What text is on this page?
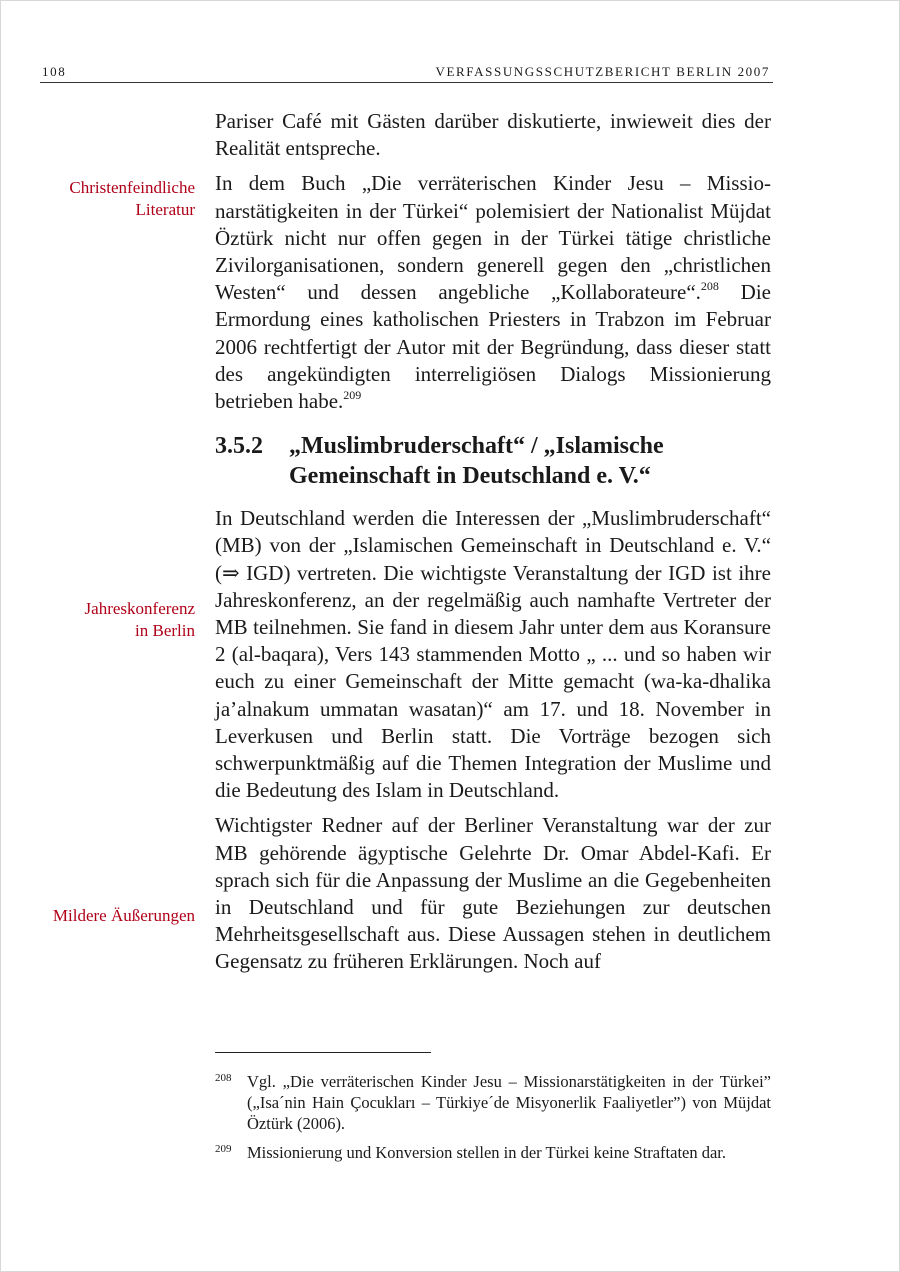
108	VERFASSUNGSSCHUTZBERICHT BERLIN 2007
Christenfeindliche
Literatur
Jahreskonferenz
in Berlin
Mildere Äußerungen

Pariser Café mit Gästen darüber diskutierte, inwieweit dies der Realität entspreche.

In dem Buch „Die verräterischen Kinder Jesu – Missionarstätigkeiten in der Türkei“ polemisiert der Nationalist Müjdat Öztürk nicht nur offen gegen in der Türkei tätige christliche Zivilorganisationen, sondern generell gegen den „christlichen Westen“ und dessen angebliche „Kollaborateure“.$^{208}$ Die Ermordung eines katholischen Priesters in Trabzon im Februar 2006 rechtfertigt der Autor mit der Begründung, dass dieser statt des angekündigten interreligiösen Dialogs Missionierung betrieben habe.$^{209}$

3.5.2	„Muslimbruderschaft“ / „Islamische Gemeinschaft in Deutschland e. V.“

In Deutschland werden die Interessen der „Muslimbruderschaft“ (MB) von der „Islamischen Gemeinschaft in Deutschland e. V.“ (⇒ IGD) vertreten. Die wichtigste Veranstaltung der IGD ist ihre Jahreskonferenz, an der regelmäßig auch namhafte Vertreter der MB teilnehmen. Sie fand in diesem Jahr unter dem aus Koransure 2 (al-baqara), Vers 143 stammenden Motto „ ... und so haben wir euch zu einer Gemeinschaft der Mitte gemacht (wa-ka-dhalika ja’alnakum ummatan wasatan)“ am 17. und 18. November in Leverkusen und Berlin statt. Die Vorträge bezogen sich schwerpunktmäßig auf die Themen Integration der Muslime und die Bedeutung des Islam in Deutschland.

Wichtigster Redner auf der Berliner Veranstaltung war der zur MB gehörende ägyptische Gelehrte Dr. Omar Abdel-Kafi. Er sprach sich für die Anpassung der Muslime an die Gegebenheiten in Deutschland und für gute Beziehungen zur deutschen Mehrheitsgesellschaft aus. Diese Aussagen stehen in deutlichem Gegensatz zu früheren Erklärungen. Noch auf

208 Vgl. „Die verräterischen Kinder Jesu – Missionarstätigkeiten in der Türkei” („Isa´nin Hain Çocukları – Türkiye´de Misyonerlik Faaliyetler”) von Müjdat Öztürk (2006).
209 Missionierung und Konversion stellen in der Türkei keine Straftaten dar.
